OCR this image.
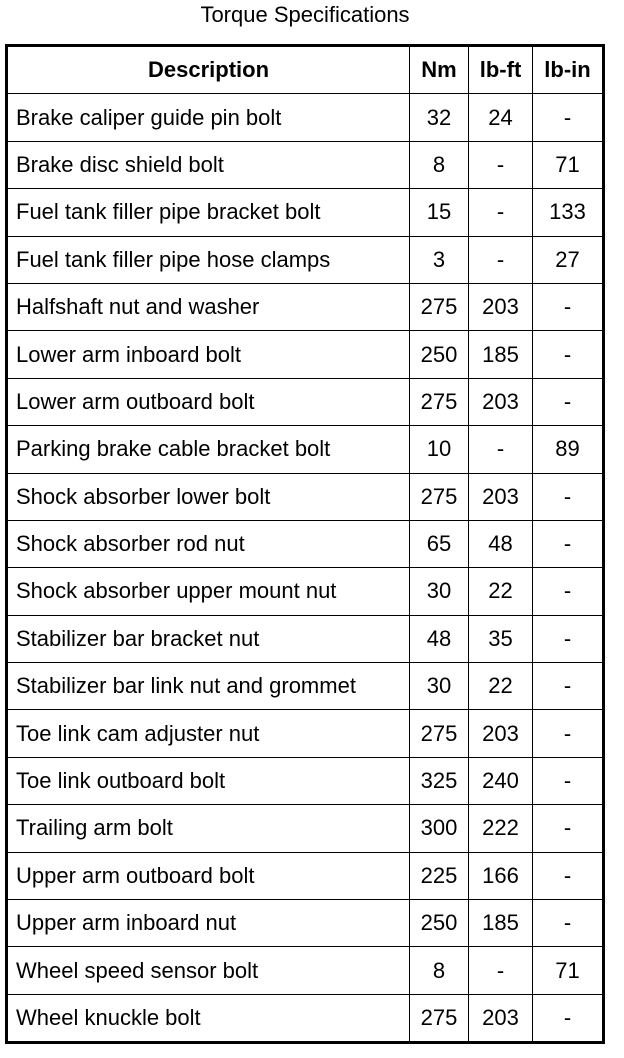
Torque Specifications
Description	Nm	lb-ft	lb-in
Brake caliper guide pin bolt	32	24	-
Brake disc shield bolt	8	-	71
Fuel tank filler pipe bracket bolt	15	-	133
Fuel tank filler pipe hose clamps	3	-	27
Halfshaft nut and washer	275	203	-
Lower arm inboard bolt	250	185	-
Lower arm outboard bolt	275	203	-
Parking brake cable bracket bolt	10	-	89
Shock absorber lower bolt	275	203	-
Shock absorber rod nut	65	48	-
Shock absorber upper mount nut	30	22	-
Stabilizer bar bracket nut	48	35	-
Stabilizer bar link nut and grommet	30	22	-
Toe link cam adjuster nut	275	203	-
Toe link outboard bolt	325	240	-
Trailing arm bolt	300	222	-
Upper arm outboard bolt	225	166	-
Upper arm inboard nut	250	185	-
Wheel speed sensor bolt	8	-	71
Wheel knuckle bolt	275	203	-
